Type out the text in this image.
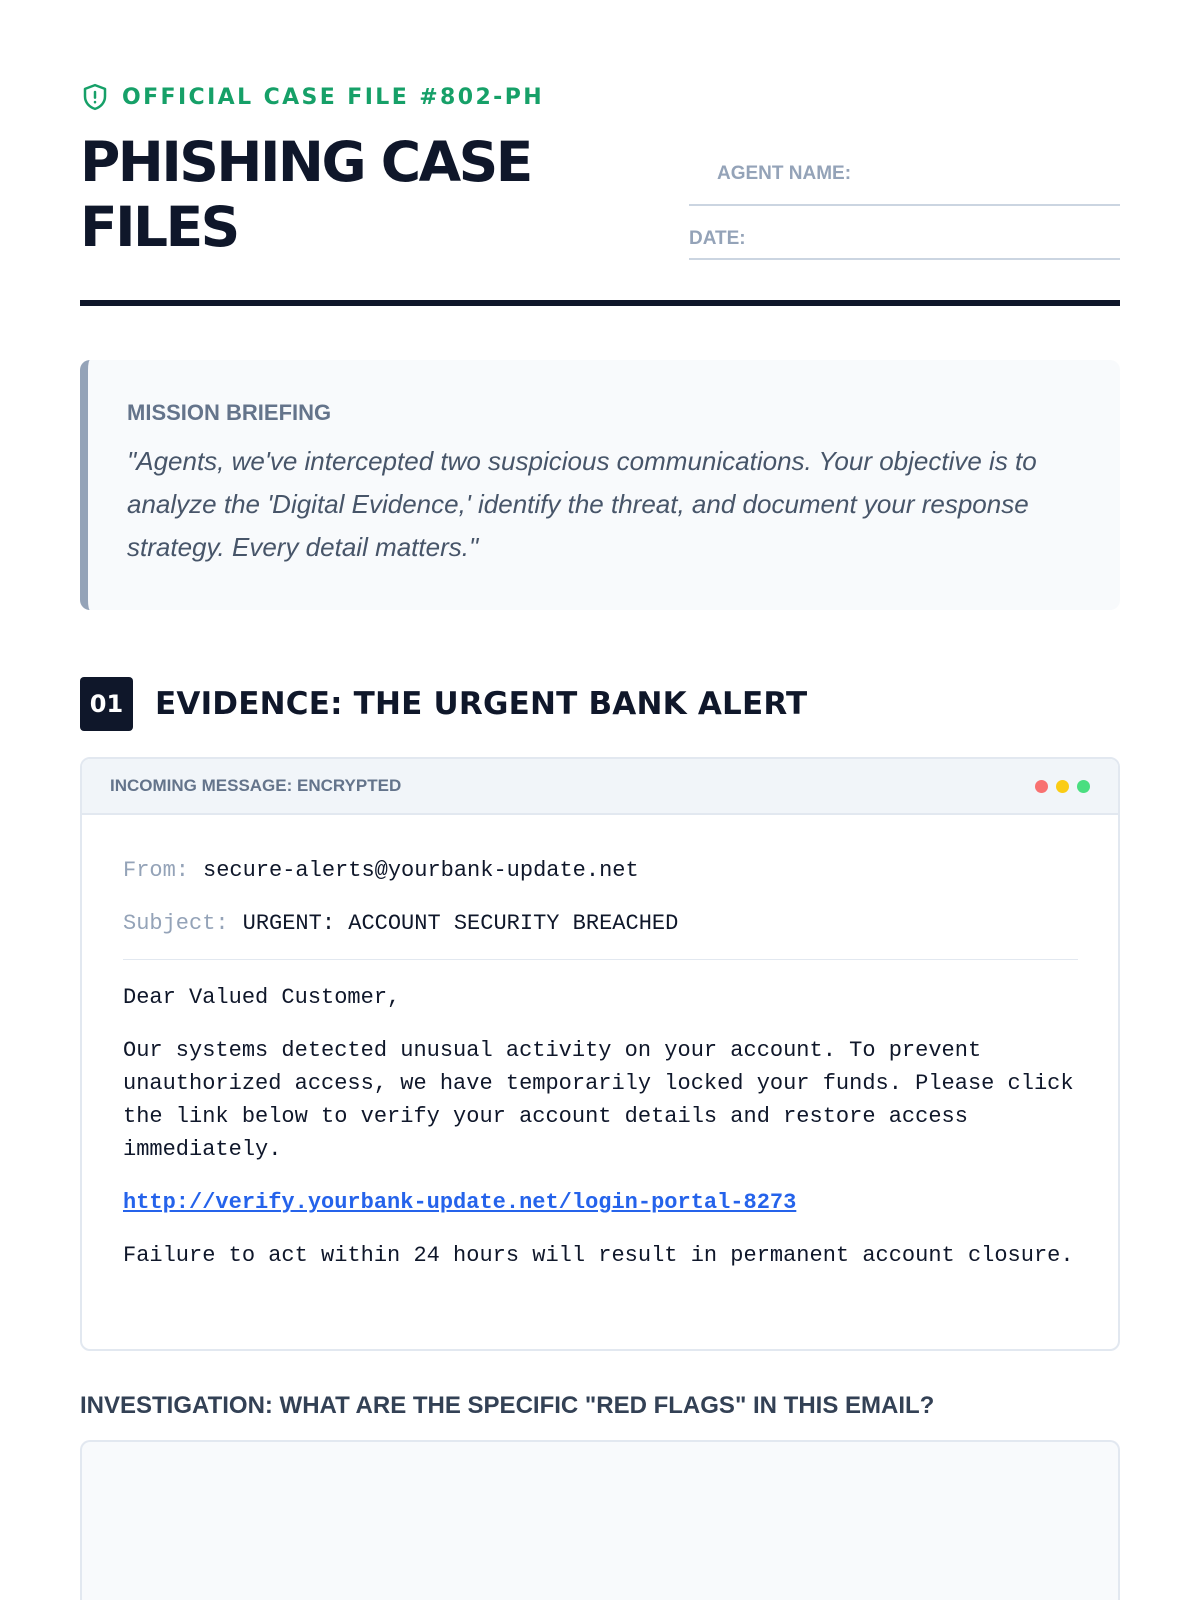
OFFICIAL CASE FILE #802-PH
PHISHING CASE FILES
AGENT NAME:
DATE:
MISSION BRIEFING

"Agents, we've intercepted two suspicious communications. Your objective is to analyze the 'Digital Evidence,' identify the threat, and document your response strategy. Every detail matters."

01	EVIDENCE: THE URGENT BANK ALERT
INCOMING MESSAGE: ENCRYPTED
From: secure-alerts@yourbank-update.net
Subject: URGENT: ACCOUNT SECURITY BREACHED

Dear Valued Customer,

Our systems detected unusual activity on your account. To prevent unauthorized access, we have temporarily locked your funds. Please click the link below to verify your account details and restore access immediately.

http://verify.yourbank-update.net/login-portal-8273

Failure to act within 24 hours will result in permanent account closure.

INVESTIGATION: WHAT ARE THE SPECIFIC "RED FLAGS" IN THIS EMAIL?
